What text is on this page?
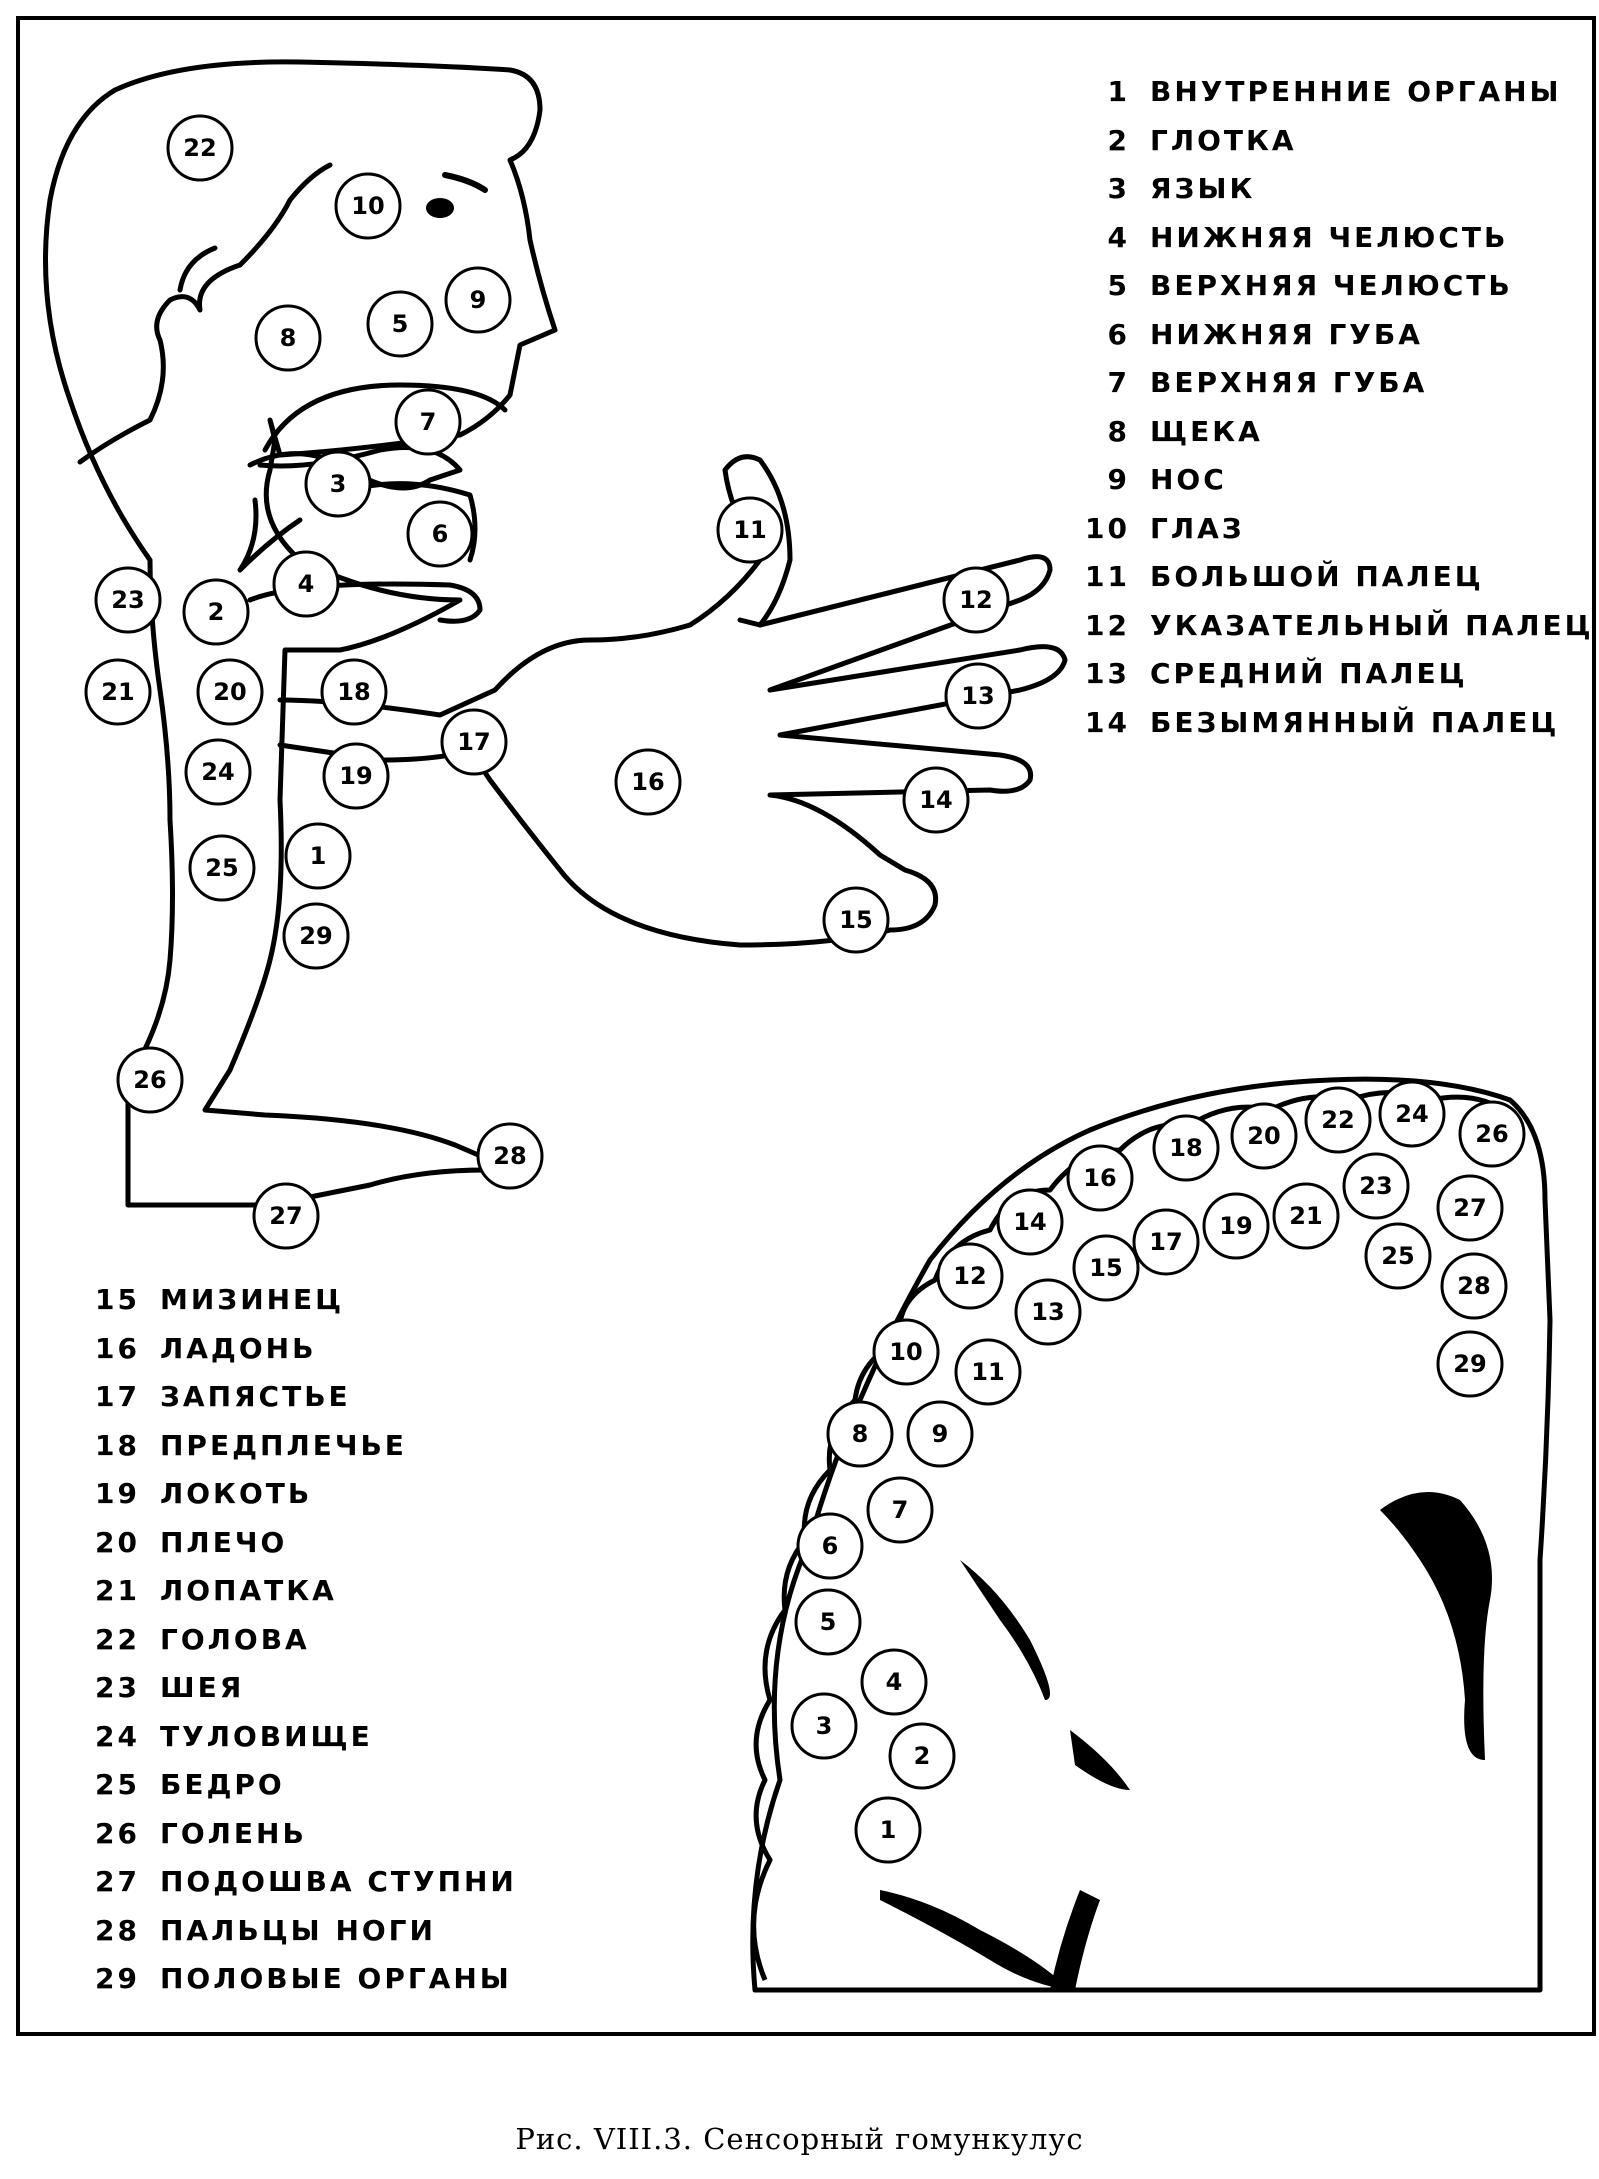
22
10
9
8	5
7
3
6
4
2
23
21	20	18
17
24	19
25	1
29
26
28
27
11
12
13
14
16
15
1
2
3
4
5
6
7
8	9
10
11
12
13
14
15
16
17
18
19
20
21
22
23
24
25
26
27
28
29
1 ВНУТРЕННИЕ ОРГАНЫ
2 ГЛОТКА
3 ЯЗЫК
4 НИЖНЯЯ ЧЕЛЮСТЬ
5 ВЕРХНЯЯ ЧЕЛЮСТЬ
6 НИЖНЯЯ ГУБА
7 ВЕРХНЯЯ ГУБА
8 ЩЕКА
9 НОС
10 ГЛАЗ
11 БОЛЬШОЙ ПАЛЕЦ
12 УКАЗАТЕЛЬНЫЙ ПАЛЕЦ
13 СРЕДНИЙ ПАЛЕЦ
14 БЕЗЫМЯННЫЙ ПАЛЕЦ
15 МИЗИНЕЦ
16 ЛАДОНЬ
17 ЗАПЯСТЬЕ
18 ПРЕДПЛЕЧЬЕ
19 ЛОКОТЬ
20 ПЛЕЧО
21 ЛОПАТКА
22 ГОЛОВА
23 ШЕЯ
24 ТУЛОВИЩЕ
25 БЕДРО
26 ГОЛЕНЬ
27 ПОДОШВА СТУПНИ
28 ПАЛЬЦЫ НОГИ
29 ПОЛОВЫЕ ОРГАНЫ
Рис. VIII.3. Сенсорный гомункулус
